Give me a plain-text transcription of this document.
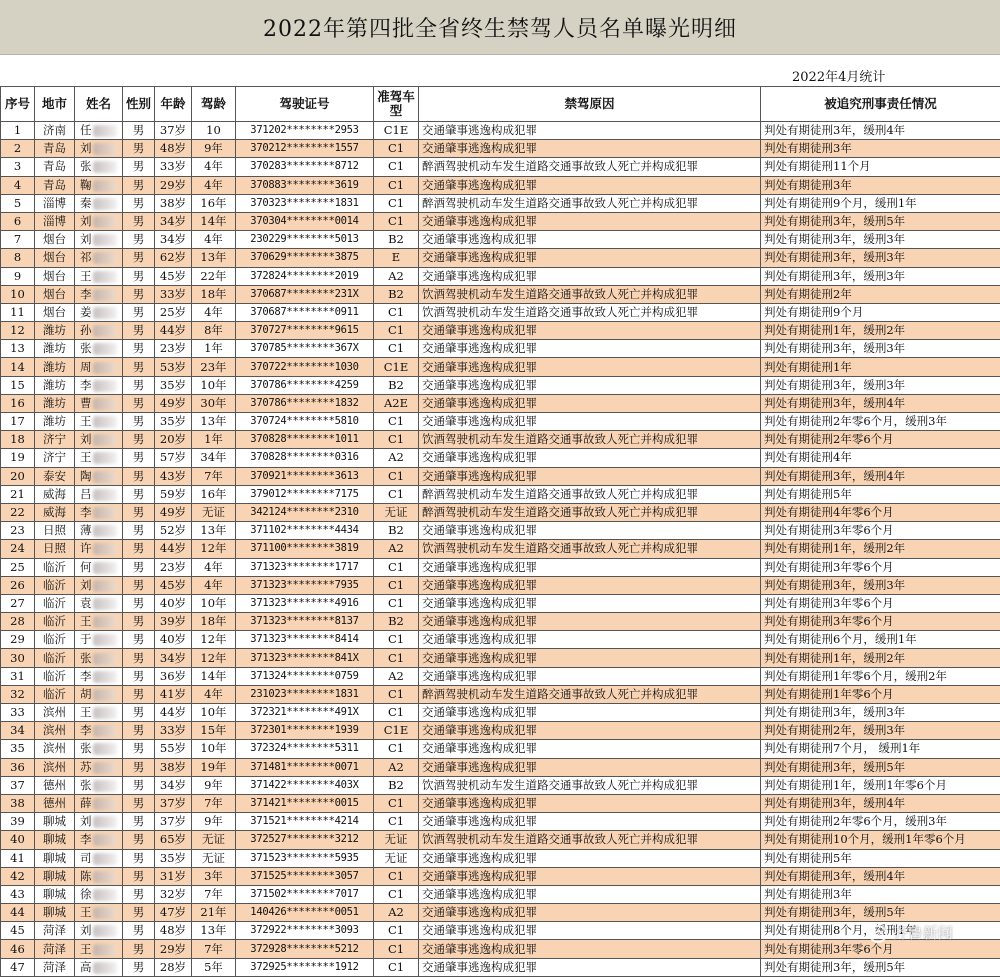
2022年第四批全省终生禁驾人员名单曝光明细
2022年4月统计
序号	地市	姓名	性别	年龄	驾龄	驾驶证号	准驾车型	禁驾原因	被追究刑事责任情况
1	济南	任	男	37岁	10	371202********2953	C1E	交通肇事逃逸构成犯罪	判处有期徒刑3年，缓刑4年
2	青岛	刘	男	48岁	9年	370212********1557	C1	交通肇事逃逸构成犯罪	判处有期徒刑3年
3	青岛	张	男	33岁	4年	370283********8712	C1	醉酒驾驶机动车发生道路交通事故致人死亡并构成犯罪	判处有期徒刑11个月
4	青岛	鞠	男	29岁	4年	370883********3619	C1	交通肇事逃逸构成犯罪	判处有期徒刑3年
5	淄博	秦	男	38岁	16年	370323********1831	C1	醉酒驾驶机动车发生道路交通事故致人死亡并构成犯罪	判处有期徒刑9个月，缓刑1年
6	淄博	刘	男	34岁	14年	370304********0014	C1	交通肇事逃逸构成犯罪	判处有期徒刑3年，缓刑5年
7	烟台	刘	男	34岁	4年	230229********5013	B2	交通肇事逃逸构成犯罪	判处有期徒刑3年，缓刑3年
8	烟台	祁	男	62岁	13年	370629********3875	E	交通肇事逃逸构成犯罪	判处有期徒刑3年，缓刑3年
9	烟台	王	男	45岁	22年	372824********2019	A2	交通肇事逃逸构成犯罪	判处有期徒刑3年，缓刑3年
10	烟台	李	男	33岁	18年	370687********231X	B2	饮酒驾驶机动车发生道路交通事故致人死亡并构成犯罪	判处有期徒刑2年
11	烟台	姜	男	25岁	4年	370687********0911	C1	饮酒驾驶机动车发生道路交通事故致人死亡并构成犯罪	判处有期徒刑9个月
12	潍坊	孙	男	44岁	8年	370727********9615	C1	交通肇事逃逸构成犯罪	判处有期徒刑1年，缓刑2年
13	潍坊	张	男	23岁	1年	370785********367X	C1	交通肇事逃逸构成犯罪	判处有期徒刑3年，缓刑3年
14	潍坊	周	男	53岁	23年	370722********1030	C1E	交通肇事逃逸构成犯罪	判处有期徒刑1年
15	潍坊	李	男	35岁	10年	370786********4259	B2	交通肇事逃逸构成犯罪	判处有期徒刑3年，缓刑3年
16	潍坊	曹	男	49岁	30年	370786********1832	A2E	交通肇事逃逸构成犯罪	判处有期徒刑3年，缓刑4年
17	潍坊	王	男	35岁	13年	370724********5810	C1	交通肇事逃逸构成犯罪	判处有期徒刑2年零6个月，缓刑3年
18	济宁	刘	男	20岁	1年	370828********1011	C1	饮酒驾驶机动车发生道路交通事故致人死亡并构成犯罪	判处有期徒刑2年零6个月
19	济宁	王	男	57岁	34年	370828********0316	A2	交通肇事逃逸构成犯罪	判处有期徒刑4年
20	泰安	陶	男	43岁	7年	370921********3613	C1	交通肇事逃逸构成犯罪	判处有期徒刑3年，缓刑4年
21	威海	吕	男	59岁	16年	379012********7175	C1	醉酒驾驶机动车发生道路交通事故致人死亡并构成犯罪	判处有期徒刑5年
22	威海	李	男	49岁	无证	342124********2310	无证	醉酒驾驶机动车发生道路交通事故致人死亡并构成犯罪	判处有期徒刑4年零6个月
23	日照	薄	男	52岁	13年	371102********4434	B2	交通肇事逃逸构成犯罪	判处有期徒刑3年零6个月
24	日照	许	男	44岁	12年	371100********3819	A2	饮酒驾驶机动车发生道路交通事故致人死亡并构成犯罪	判处有期徒刑1年，缓刑2年
25	临沂	何	男	23岁	4年	371323********1717	C1	交通肇事逃逸构成犯罪	判处有期徒刑3年零6个月
26	临沂	刘	男	45岁	4年	371323********7935	C1	交通肇事逃逸构成犯罪	判处有期徒刑3年，缓刑3年
27	临沂	袁	男	40岁	10年	371323********4916	C1	交通肇事逃逸构成犯罪	判处有期徒刑3年零6个月
28	临沂	王	男	39岁	18年	371323********8137	B2	交通肇事逃逸构成犯罪	判处有期徒刑3年零6个月
29	临沂	于	男	40岁	12年	371323********8414	C1	交通肇事逃逸构成犯罪	判处有期徒刑6个月，缓刑1年
30	临沂	张	男	34岁	12年	371323********841X	C1	交通肇事逃逸构成犯罪	判处有期徒刑1年，缓刑2年
31	临沂	李	男	36岁	14年	371324********0759	A2	交通肇事逃逸构成犯罪	判处有期徒刑1年零6个月，缓刑2年
32	临沂	胡	男	41岁	4年	231023********1831	C1	醉酒驾驶机动车发生道路交通事故致人死亡并构成犯罪	判处有期徒刑1年零6个月
33	滨州	王	男	44岁	10年	372321********491X	C1	交通肇事逃逸构成犯罪	判处有期徒刑3年，缓刑3年
34	滨州	李	男	33岁	15年	372301********1939	C1E	交通肇事逃逸构成犯罪	判处有期徒刑2年，缓刑3年
35	滨州	张	男	55岁	10年	372324********5311	C1	交通肇事逃逸构成犯罪	判处有期徒刑7个月， 缓刑1年
36	滨州	苏	男	38岁	19年	371481********0071	A2	交通肇事逃逸构成犯罪	判处有期徒刑3年，缓刑5年
37	德州	张	男	34岁	9年	371422********403X	B2	饮酒驾驶机动车发生道路交通事故致人死亡并构成犯罪	判处有期徒刑1年，缓刑1年零6个月
38	德州	薛	男	37岁	7年	371421********0015	C1	交通肇事逃逸构成犯罪	判处有期徒刑3年，缓刑4年
39	聊城	刘	男	37岁	9年	371521********4214	C1	交通肇事逃逸构成犯罪	判处有期徒刑2年零6个月，缓刑3年
40	聊城	李	男	65岁	无证	372527********3212	无证	饮酒驾驶机动车发生道路交通事故致人死亡并构成犯罪	判处有期徒刑10个月，缓刑1年零6个月
41	聊城	司	男	35岁	无证	371523********5935	无证	交通肇事逃逸构成犯罪	判处有期徒刑5年
42	聊城	陈	男	31岁	3年	371525********3057	C1	交通肇事逃逸构成犯罪	判处有期徒刑3年，缓刑4年
43	聊城	徐	男	32岁	7年	371502********7017	C1	交通肇事逃逸构成犯罪	判处有期徒刑3年
44	聊城	王	男	47岁	21年	140426********0051	A2	交通肇事逃逸构成犯罪	判处有期徒刑3年，缓刑5年
45	菏泽	刘	男	48岁	13年	372922********3093	C1	交通肇事逃逸构成犯罪	判处有期徒刑8个月，缓刑1年
46	菏泽	王	男	29岁	7年	372928********5212	C1	交通肇事逃逸构成犯罪	判处有期徒刑3年零6个月
47	菏泽	高	男	28岁	5年	372925********1912	C1	交通肇事逃逸构成犯罪	判处有期徒刑3年，缓刑5年
齐鲁新闻
